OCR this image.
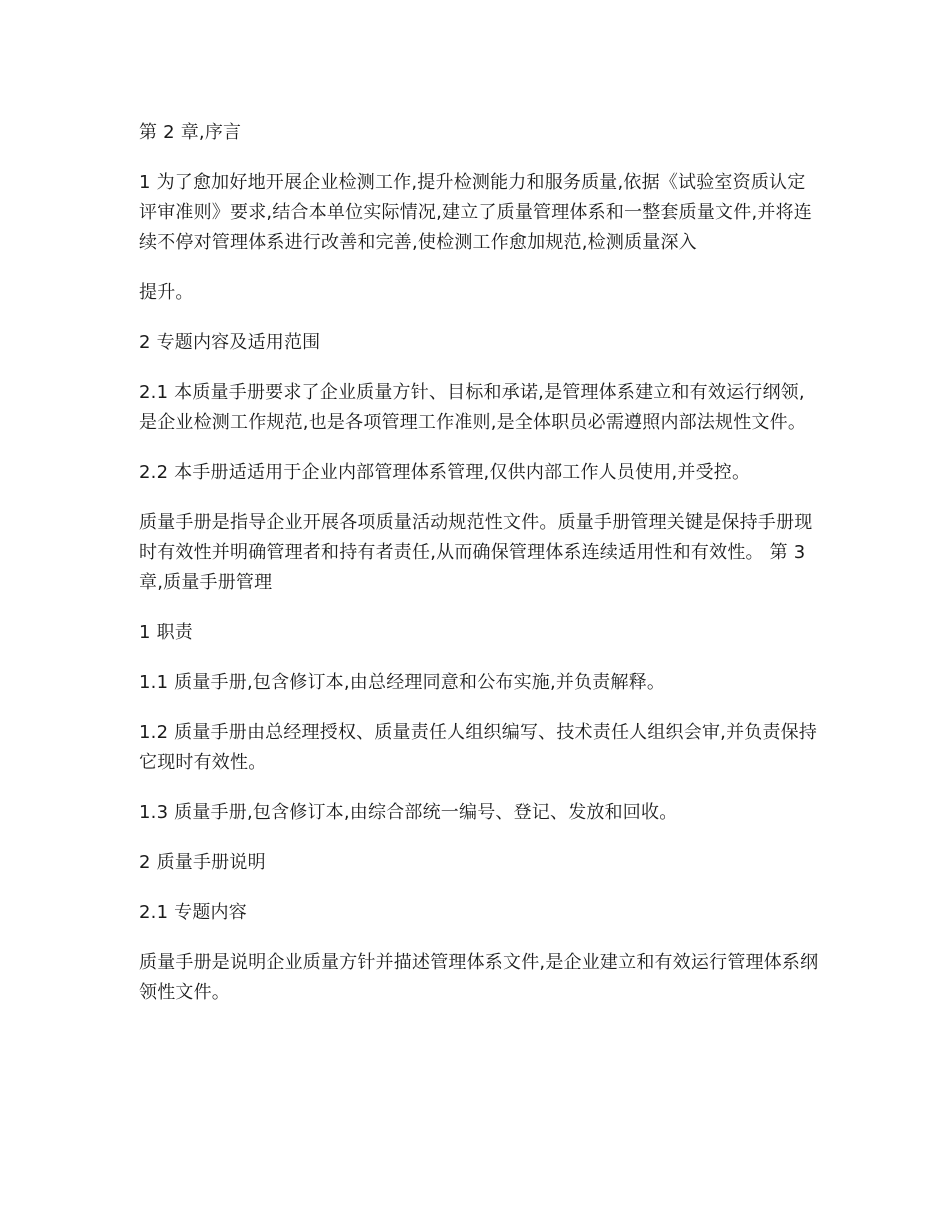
第 2 章,序言

1 为了愈加好地开展企业检测工作,提升检测能力和服务质量,依据《试验室资质认定评审准则》要求,结合本单位实际情况,建立了质量管理体系和一整套质量文件,并将连续不停对管理体系进行改善和完善,使检测工作愈加规范,检测质量深入

提升。

2 专题内容及适用范围

2.1 本质量手册要求了企业质量方针、目标和承诺,是管理体系建立和有效运行纲领,是企业检测工作规范,也是各项管理工作准则,是全体职员必需遵照内部法规性文件。

2.2 本手册适适用于企业内部管理体系管理,仅供内部工作人员使用,并受控。

质量手册是指导企业开展各项质量活动规范性文件。质量手册管理关键是保持手册现时有效性并明确管理者和持有者责任,从而确保管理体系连续适用性和有效性。 第 3 章,质量手册管理

1 职责

1.1 质量手册,包含修订本,由总经理同意和公布实施,并负责解释。

1.2 质量手册由总经理授权、质量责任人组织编写、技术责任人组织会审,并负责保持它现时有效性。

1.3 质量手册,包含修订本,由综合部统一编号、登记、发放和回收。

2 质量手册说明

2.1 专题内容

质量手册是说明企业质量方针并描述管理体系文件,是企业建立和有效运行管理体系纲领性文件。
